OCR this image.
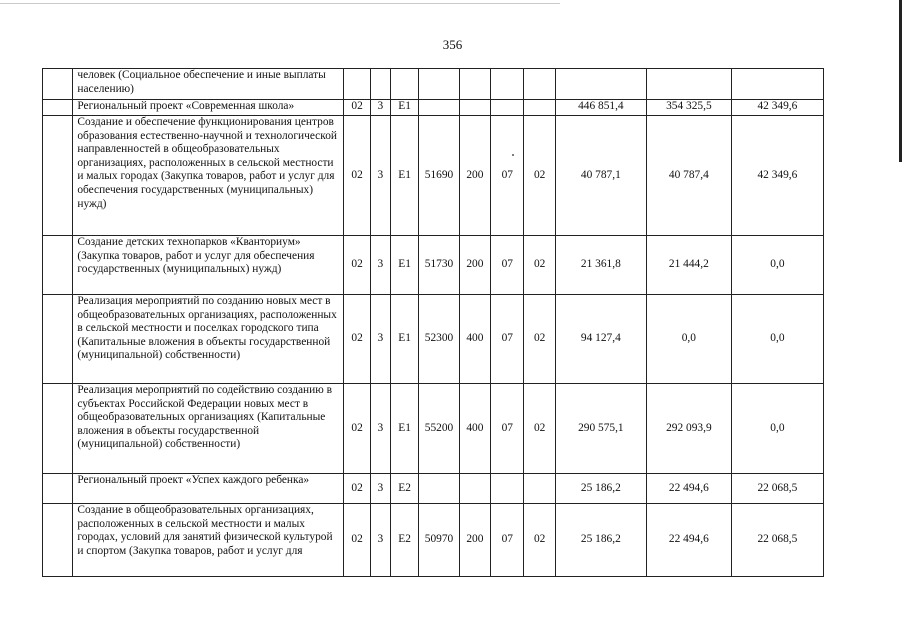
356
	человек (Социальное обеспечение и иные выплаты населению)										
	Региональный проект «Современная школа»	02	3	Е1					446 851,4	354 325,5	42 349,6
	Создание и обеспечение функционирования центров образования естественно-научной и технологической направленностей в общеобразовательных организациях, расположенных в сельской местности и малых городах (Закупка товаров, работ и услуг для обеспечения государственных (муниципальных) нужд)	02	3	Е1	51690	200	07	02	40 787,1	40 787,4	42 349,6
	Создание детских технопарков «Кванториум» (Закупка товаров, работ и услуг для обеспечения государственных (муниципальных) нужд)	02	3	Е1	51730	200	07	02	21 361,8	21 444,2	0,0
	Реализация мероприятий по созданию новых мест в общеобразовательных организациях, расположенных в сельской местности и поселках городского типа (Капитальные вложения в объекты государственной (муниципальной) собственности)	02	3	Е1	52300	400	07	02	94 127,4	0,0	0,0
	Реализация мероприятий по содействию созданию в субъектах Российской Федерации новых мест в общеобразовательных организациях (Капитальные вложения в объекты государственной (муниципальной) собственности)	02	3	Е1	55200	400	07	02	290 575,1	292 093,9	0,0
	Региональный проект «Успех каждого ребенка»	02	3	Е2					25 186,2	22 494,6	22 068,5
	Создание в общеобразовательных организациях, расположенных в сельской местности и малых городах, условий для занятий физической культурой и спортом (Закупка товаров, работ и услуг для	02	3	Е2	50970	200	07	02	25 186,2	22 494,6	22 068,5
